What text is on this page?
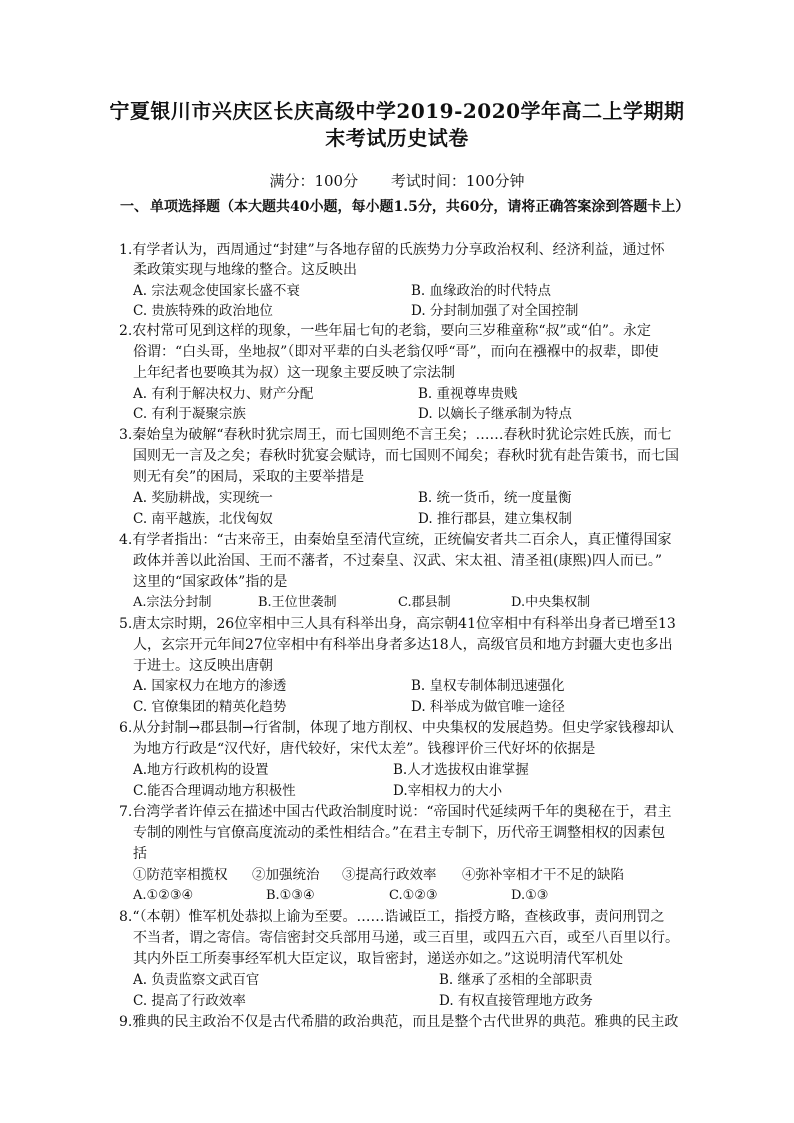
宁夏银川市兴庆区长庆高级中学2019-2020学年高二上学期期
末考试历史试卷
满分：100分 考试时间：100分钟
一、 单项选择题（本大题共40小题，每小题1.5分，共60分，请将正确答案涂到答题卡上）
1.有学者认为，西周通过“封建”与各地存留的氏族势力分享政治权利、经济利益，通过怀
柔政策实现与地缘的整合。这反映出
A. 宗法观念使国家长盛不衰	B. 血缘政治的时代特点
C. 贵族特殊的政治地位	D. 分封制加强了对全国控制
2.农村常可见到这样的现象，一些年届七旬的老翁，要向三岁稚童称“叔”或“伯”。永定
俗谓：“白头哥，坐地叔”（即对平辈的白头老翁仅呼“哥”，而向在襁褓中的叔辈，即使
上年纪者也要唤其为叔）这一现象主要反映了宗法制
A. 有利于解决权力、财产分配	B. 重视尊卑贵贱
C. 有利于凝聚宗族	D. 以嫡长子继承制为特点
3.秦始皇为破解“春秋时犹宗周王，而七国则绝不言王矣；……春秋时犹论宗姓氏族，而七
国则无一言及之矣；春秋时犹宴会赋诗，而七国则不闻矣；春秋时犹有赴告策书，而七国
则无有矣”的困局，采取的主要举措是
A. 奖励耕战，实现统一	B. 统一货币，统一度量衡
C. 南平越族，北伐匈奴	D. 推行郡县，建立集权制
4.有学者指出：“古来帝王，由秦始皇至清代宣统，正统偏安者共二百余人，真正懂得国家
政体并善以此治国、王而不藩者，不过秦皇、汉武、宋太祖、清圣祖(康熙)四人而已。”
这里的“国家政体”指的是
A.宗法分封制	B.王位世袭制	C.郡县制	D.中央集权制
5.唐太宗时期，26位宰相中三人具有科举出身，高宗朝41位宰相中有科举出身者已增至13
人，玄宗开元年间27位宰相中有科举出身者多达18人，高级官员和地方封疆大吏也多出
于进士。这反映出唐朝
A. 国家权力在地方的渗透	B. 皇权专制体制迅速强化
C. 官僚集团的精英化趋势	D. 科举成为做官唯一途径
6.从分封制→郡县制→行省制，体现了地方削权、中央集权的发展趋势。但史学家钱穆却认
为地方行政是“汉代好，唐代较好，宋代太差”。钱穆评价三代好坏的依据是
A.地方行政机构的设置	B.人才选拔权由谁掌握
C.能否合理调动地方积极性	D.宰相权力的大小
7.台湾学者许倬云在描述中国古代政治制度时说：“帝国时代延续两千年的奥秘在于，君主
专制的刚性与官僚高度流动的柔性相结合。”在君主专制下，历代帝王调整相权的因素包
括
①防范宰相揽权 ②加强统治 ③提高行政效率 ④弥补宰相才干不足的缺陷
A.①②③④	B.①③④	C.①②③	D.①③
8.“（本朝）惟军机处恭拟上谕为至要。……诰诫臣工，指授方略，查核政事，责问刑罚之
不当者，谓之寄信。寄信密封交兵部用马递，或三百里，或四五六百，或至八百里以行。
其内外臣工所奏事经军机大臣定议，取旨密封，递送亦如之。”这说明清代军机处
A. 负责监察文武百官	B. 继承了丞相的全部职责
C. 提高了行政效率	D. 有权直接管理地方政务
9.雅典的民主政治不仅是古代希腊的政治典范，而且是整个古代世界的典范。雅典的民主政
